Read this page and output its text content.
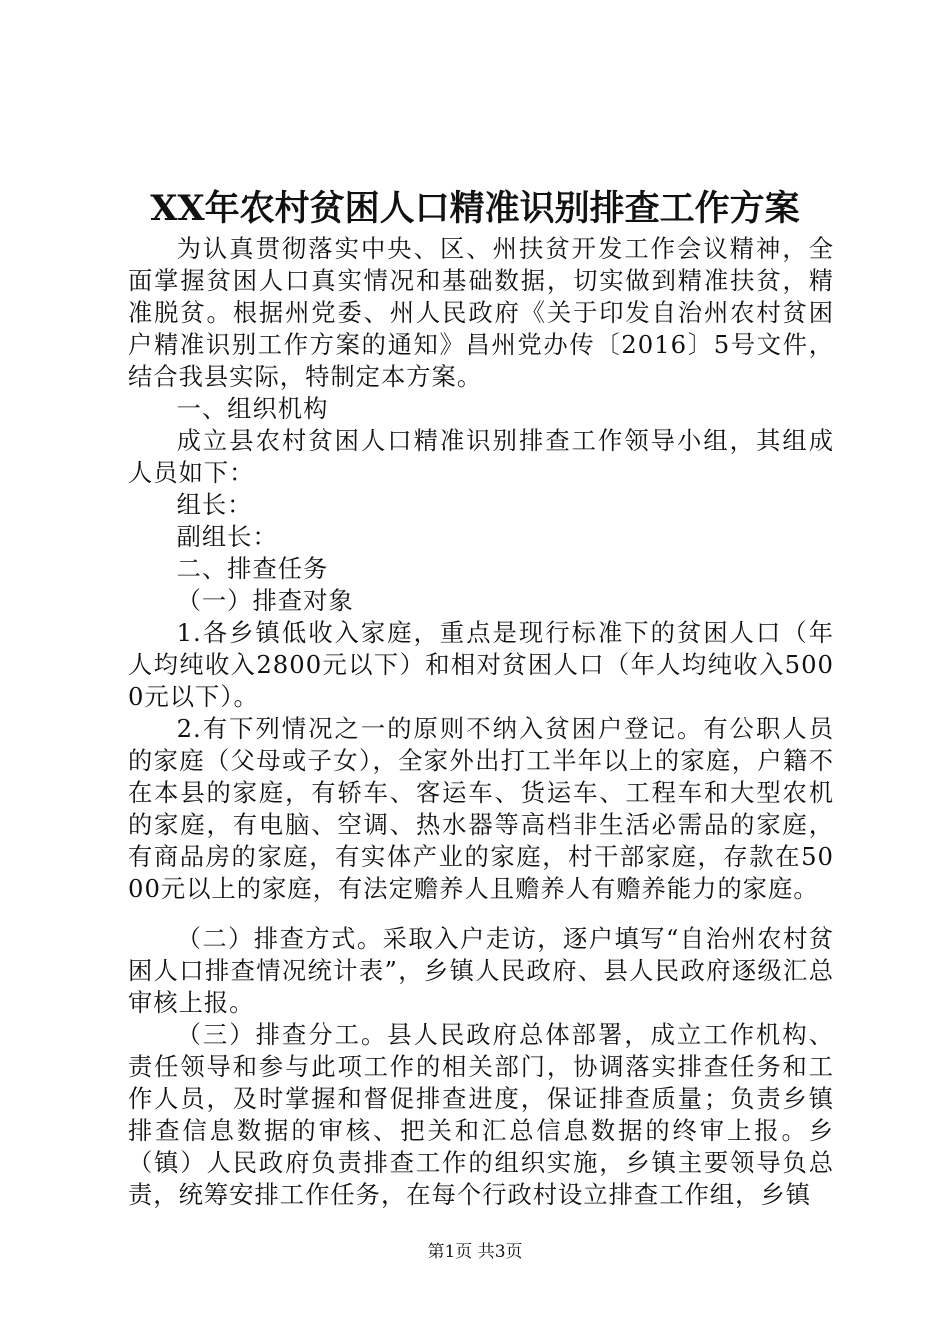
XX年农村贫困人口精准识别排查工作方案

为认真贯彻落实中央、区、州扶贫开发工作会议精神，全面掌握贫困人口真实情况和基础数据，切实做到精准扶贫，精准脱贫。根据州党委、州人民政府《关于印发自治州农村贫困户精准识别工作方案的通知》昌州党办传〔2016〕5号文件，结合我县实际，特制定本方案。

一、组织机构

成立县农村贫困人口精准识别排查工作领导小组，其组成人员如下：

组长：

副组长：

二、排查任务

（一）排查对象

1.各乡镇低收入家庭，重点是现行标准下的贫困人口（年人均纯收入2800元以下）和相对贫困人口（年人均纯收入5000元以下）。

2.有下列情况之一的原则不纳入贫困户登记。有公职人员的家庭（父母或子女），全家外出打工半年以上的家庭，户籍不在本县的家庭，有轿车、客运车、货运车、工程车和大型农机的家庭，有电脑、空调、热水器等高档非生活必需品的家庭，有商品房的家庭，有实体产业的家庭，村干部家庭，存款在5000元以上的家庭，有法定赡养人且赡养人有赡养能力的家庭。

（二）排查方式。采取入户走访，逐户填写“自治州农村贫困人口排查情况统计表”，乡镇人民政府、县人民政府逐级汇总审核上报。

（三）排查分工。县人民政府总体部署，成立工作机构、责任领导和参与此项工作的相关部门，协调落实排查任务和工作人员，及时掌握和督促排查进度，保证排查质量；负责乡镇排查信息数据的审核、把关和汇总信息数据的终审上报。乡（镇）人民政府负责排查工作的组织实施，乡镇主要领导负总责，统筹安排工作任务，在每个行政村设立排查工作组，乡镇

第1页 共3页
